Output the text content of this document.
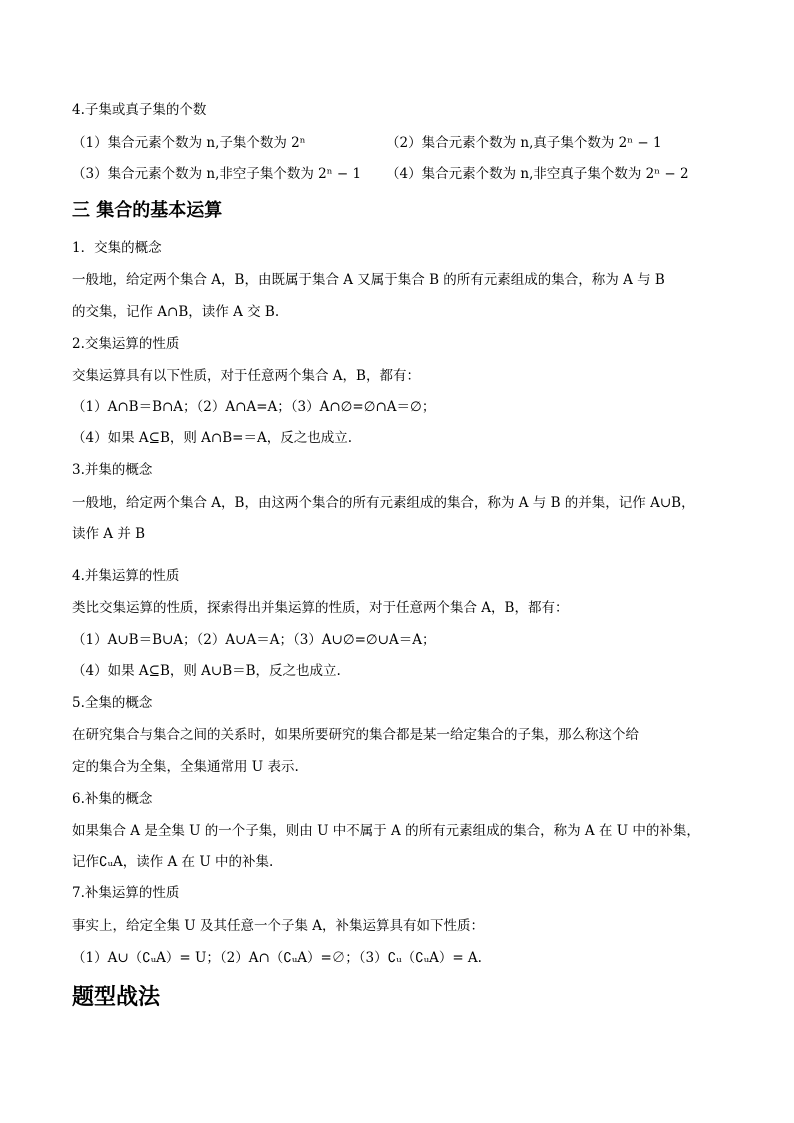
4.子集或真子集的个数
（1）集合元素个数为 n,子集个数为 2ⁿ	（2）集合元素个数为 n,真子集个数为 2ⁿ − 1
（3）集合元素个数为 n,非空子集个数为 2ⁿ − 1 （4）集合元素个数为 n,非空真子集个数为 2ⁿ − 2
三 集合的基本运算
1．交集的概念
一般地，给定两个集合 A，B，由既属于集合 A 又属于集合 B 的所有元素组成的集合，称为 A 与 B
的交集，记作 A∩B，读作 A 交 B.
2.交集运算的性质
交集运算具有以下性质，对于任意两个集合 A，B，都有：
（1）A∩B＝B∩A；（2）A∩A=A；（3）A∩∅=∅∩A＝∅；
（4）如果 A⊆B，则 A∩B=＝A，反之也成立.
3.并集的概念
一般地，给定两个集合 A，B，由这两个集合的所有元素组成的集合，称为 A 与 B 的并集，记作 A∪B，
读作 A 并 B
4.并集运算的性质
类比交集运算的性质，探索得出并集运算的性质，对于任意两个集合 A，B，都有：
（1）A∪B＝B∪A；（2）A∪A＝A；（3）A∪∅=∅∪A＝A；
（4）如果 A⊆B，则 A∪B＝B，反之也成立.
5.全集的概念
在研究集合与集合之间的关系时，如果所要研究的集合都是某一给定集合的子集，那么称这个给
定的集合为全集，全集通常用 U 表示.
6.补集的概念
如果集合 A 是全集 U 的一个子集，则由 U 中不属于 A 的所有元素组成的集合，称为 A 在 U 中的补集，
记作∁ᵤA，读作 A 在 U 中的补集.
7.补集运算的性质
事实上，给定全集 U 及其任意一个子集 A，补集运算具有如下性质：
（1）A∪（∁ᵤA）= U；（2）A∩（∁ᵤA）=∅；（3）∁ᵤ（∁ᵤA）= A.
题型战法
